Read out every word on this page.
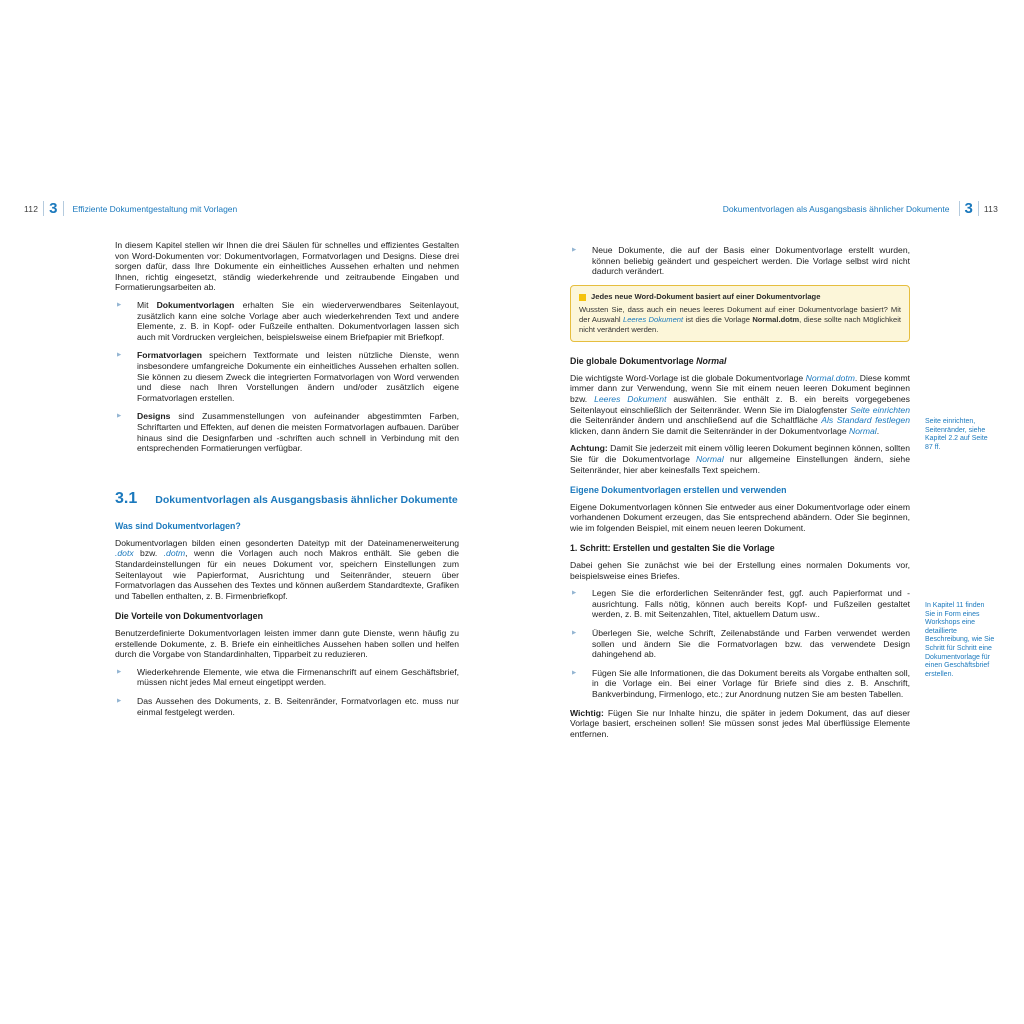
112 3 Effiziente Dokumentgestaltung mit Vorlagen	Dokumentvorlagen als Ausgangsbasis ähnlicher Dokumente 3 113

In diesem Kapitel stellen wir Ihnen die drei Säulen für schnelles und effizientes Gestalten von Word-Dokumenten vor: Dokumentvorlagen, Formatvorlagen und Designs. Diese drei sorgen dafür, dass Ihre Dokumente ein einheitliches Aussehen erhalten und nehmen Ihnen, richtig eingesetzt, ständig wiederkehrende und zeitraubende Eingaben und Formatierungsarbeiten ab.

▶	Mit Dokumentvorlagen erhalten Sie ein wiederverwendbares Seitenlayout, zusätzlich kann eine solche Vorlage aber auch wiederkehrenden Text und andere Elemente, z. B. in Kopf- oder Fußzeile enthalten. Dokumentvorlagen lassen sich auch mit Vordrucken vergleichen, beispielsweise einem Briefpapier mit Briefkopf.
▶	Formatvorlagen speichern Textformate und leisten nützliche Dienste, wenn insbesondere umfangreiche Dokumente ein einheitliches Aussehen erhalten sollen. Sie können zu diesem Zweck die integrierten Formatvorlagen von Word verwenden und diese nach Ihren Vorstellungen ändern und/oder zusätzlich eigene Formatvorlagen erstellen.
▶	Designs sind Zusammenstellungen von aufeinander abgestimmten Farben, Schriftarten und Effekten, auf denen die meisten Formatvorlagen aufbauen. Darüber hinaus sind die Designfarben und -schriften auch schnell in Verbindung mit den entsprechenden Formatierungen verfügbar.
3.1 Dokumentvorlagen als Ausgangsbasis ähnlicher Dokumente
Was sind Dokumentvorlagen?

Dokumentvorlagen bilden einen gesonderten Dateityp mit der Dateinamenerweiterung .dotx bzw. .dotm, wenn die Vorlagen auch noch Makros enthält. Sie geben die Standardeinstellungen für ein neues Dokument vor, speichern Einstellungen zum Seitenlayout wie Papierformat, Ausrichtung und Seitenränder, steuern über Formatvorlagen das Aussehen des Textes und können außerdem Standardtexte, Grafiken und Tabellen enthalten, z. B. Firmenbriefkopf.

Die Vorteile von Dokumentvorlagen

Benutzerdefinierte Dokumentvorlagen leisten immer dann gute Dienste, wenn häufig zu erstellende Dokumente, z. B. Briefe ein einheitliches Aussehen haben sollen und helfen durch die Vorgabe von Standardinhalten, Tipparbeit zu reduzieren.

▶	Wiederkehrende Elemente, wie etwa die Firmenanschrift auf einem Geschäftsbrief, müssen nicht jedes Mal erneut eingetippt werden.
▶	Das Aussehen des Dokuments, z. B. Seitenränder, Formatvorlagen etc. muss nur einmal festgelegt werden.
▶	Neue Dokumente, die auf der Basis einer Dokumentvorlage erstellt wurden, können beliebig geändert und gespeichert werden. Die Vorlage selbst wird nicht dadurch verändert.
Jedes neue Word-Dokument basiert auf einer Dokumentvorlage
Wussten Sie, dass auch ein neues leeres Dokument auf einer Dokumentvorlage basiert? Mit der Auswahl Leeres Dokument ist dies die Vorlage Normal.dotm, diese sollte nach Möglichkeit nicht verändert werden.
Die globale Dokumentvorlage Normal

Die wichtigste Word-Vorlage ist die globale Dokumentvorlage Normal.dotm. Diese kommt immer dann zur Verwendung, wenn Sie mit einem neuen leeren Dokument beginnen bzw. Leeres Dokument auswählen. Sie enthält z. B. ein bereits vorgegebenes Seitenlayout einschließlich der Seitenränder. Wenn Sie im Dialogfenster Seite einrichten die Seitenränder ändern und anschließend auf die Schaltfläche Als Standard festlegen klicken, dann ändern Sie damit die Seitenränder in der Dokumentvorlage Normal.

Achtung: Damit Sie jederzeit mit einem völlig leeren Dokument beginnen können, sollten Sie für die Dokumentvorlage Normal nur allgemeine Einstellungen ändern, siehe Seitenränder, hier aber keinesfalls Text speichern.

Eigene Dokumentvorlagen erstellen und verwenden

Eigene Dokumentvorlagen können Sie entweder aus einer Dokumentvorlage oder einem vorhandenen Dokument erzeugen, das Sie entsprechend abändern. Oder Sie beginnen, wie im folgenden Beispiel, mit einem neuen leeren Dokument.

1. Schritt: Erstellen und gestalten Sie die Vorlage

Dabei gehen Sie zunächst wie bei der Erstellung eines normalen Dokuments vor, beispielsweise eines Briefes.

▶	Legen Sie die erforderlichen Seitenränder fest, ggf. auch Papierformat und -ausrichtung. Falls nötig, können auch bereits Kopf- und Fußzeilen gestaltet werden, z. B. mit Seitenzahlen, Titel, aktuellem Datum usw..
▶	Überlegen Sie, welche Schrift, Zeilenabstände und Farben verwendet werden sollen und ändern Sie die Formatvorlagen bzw. das verwendete Design dahingehend ab.
▶	Fügen Sie alle Informationen, die das Dokument bereits als Vorgabe enthalten soll, in die Vorlage ein. Bei einer Vorlage für Briefe sind dies z. B. Anschrift, Bankverbindung, Firmenlogo, etc.; zur Anordnung nutzen Sie am besten Tabellen.

Wichtig: Fügen Sie nur Inhalte hinzu, die später in jedem Dokument, das auf dieser Vorlage basiert, erscheinen sollen! Sie müssen sonst jedes Mal überflüssige Elemente entfernen.

Seite einrichten, Seitenränder, siehe Kapitel 2.2 auf Seite 87 ff.
In Kapitel 11 finden Sie in Form eines Workshops eine detaillierte Beschreibung, wie Sie Schritt für Schritt eine Dokumentvorlage für einen Geschäftsbrief erstellen.
